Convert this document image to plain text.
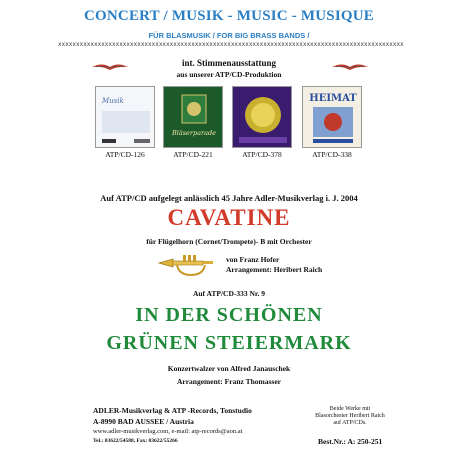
CONCERT / MUSIK - MUSIC - MUSIQUE
FÜR BLASMUSIK / FOR BIG BRASS BANDS /
xxxxxxxxxxxxxxxxxxxxxxxxxxxxxxxxxxxxxxxxxxxxxxxxxxxxxxxxxxxxxxxxxxxxxxxxxxxxxxxxxxxxxxxxxxxxxxxx
int. Stimmenausstattung
aus unserer ATP/CD-Produktion
Musik
Bläserparade
HEIMAT
ATP/CD-126	ATP/CD-221	ATP/CD-378	ATP/CD-338
Auf ATP/CD aufgelegt anlässlich 45 Jahre Adler-Musikverlag i. J. 2004
CAVATINE
für Flügelhorn (Cornet/Trompete)- B mit Orchester
von Franz Hofer
Arrangement: Heribert Raich
Auf ATP/CD-333 Nr. 9
IN DER SCHÖNEN
GRÜNEN STEIERMARK
Konzertwalzer von Alfred Janauschek
Arrangement: Franz Thomasser
ADLER-Musikverlag & ATP -Records, Tonstudio
A-8990 BAD AUSSEE / Austria
www.adler-musikverlag.com, e-mail: atp-records@aon.at
Tel.: 03622/54588, Fax: 03622/55266
Beide Werke mit
Blasorchester Heribert Raich
auf ATP/CDs.
Best.Nr.: A: 250-251
